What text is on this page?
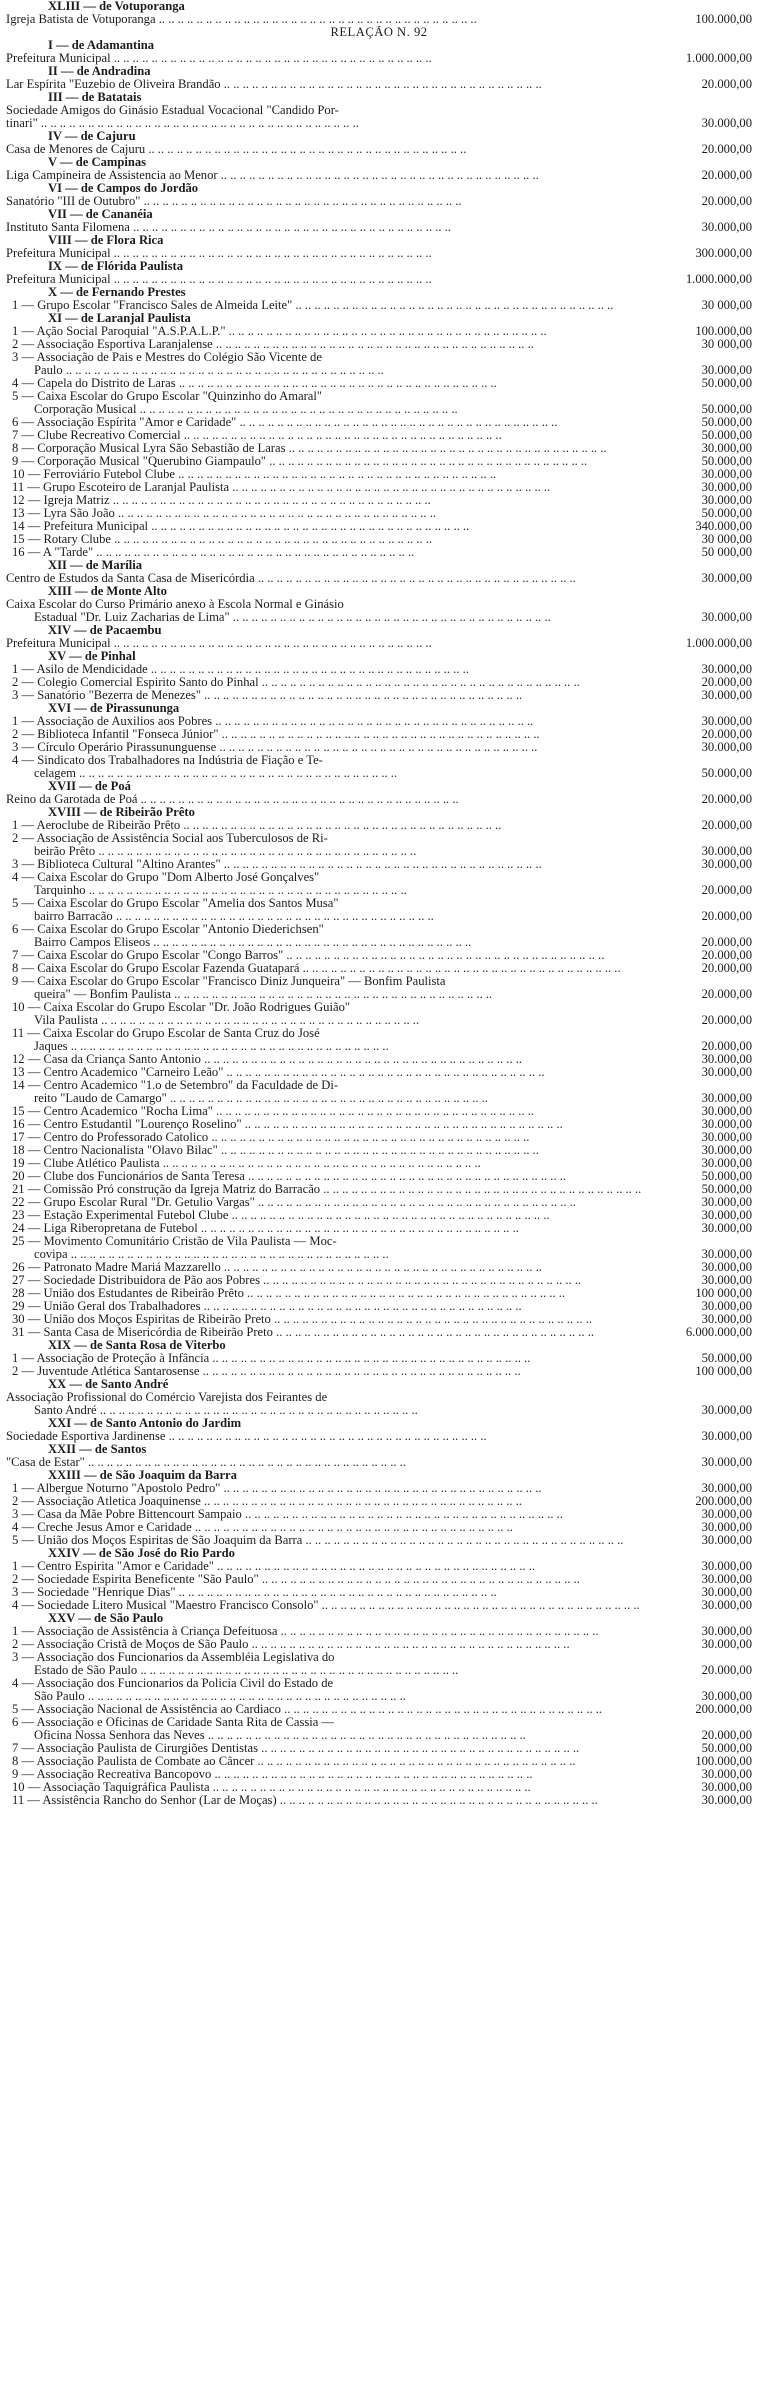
XLIII — de Votuporanga
Igreja Batista de Votuporanga .. ..	100.000,00
RELAÇÃO N. 92
I — de Adamantina
Prefeitura Municipal .. ..	1.000.000,00
II — de Andradina
Lar Espírita "Euzebio de Oliveira Brandão .. ..	20.000,00
III — de Batatais
Sociedade Amigos do Ginásio Estadual Vocacional "Candido Por-
tinari" .. ..	30.000,00
IV — de Cajuru
Casa de Menores de Cajuru .. ..	20.000,00
V — de Campinas
Liga Campineira de Assistencia ao Menor .. ..	20.000,00
VI — de Campos do Jordão
Sanatório "III de Outubro" .. ..	20.000,00
VII — de Cananéia
Instituto Santa Filomena .. ..	30.000,00
VIII — de Flora Rica
Prefeitura Municipal .. ..	300.000,00
IX — de Flórida Paulista
Prefeitura Municipal .. ..	1.000.000,00
X — de Fernando Prestes
1 — Grupo Escolar "Francisco Sales de Almeida Leite" .. ..	30 000,00
XI — de Laranjal Paulista
1 — Ação Social Paroquial "A.S.P.A.L.P." .. ..	100.000,00
2 — Associação Esportiva Laranjalense .. ..	30 000,00
3 — Associação de Pais e Mestres do Colégio São Vicente de
Paulo .. ..	30.000,00
4 — Capela do Distrito de Laras .. ..	50.000,00
5 — Caixa Escolar do Grupo Escolar "Quinzinho do Amaral"
Corporação Musical .. ..	50.000,00
6 — Associação Espírita "Amor e Caridade" .. ..	50.000,00
7 — Clube Recreativo Comercial .. ..	50.000,00
8 — Corporação Musical Lyra São Sebastião de Laras .. ..	30.000,00
9 — Corporação Musical "Querubino Giampaulo" .. ..	50.000,00
10 — Ferroviário Futebol Clube .. ..	30.000,00
11 — Grupo Escoteiro de Laranjal Paulista .. ..	30.000,00
12 — Igreja Matriz .. ..	30.000,00
13 — Lyra São João .. ..	50.000,00
14 — Prefeitura Municipal .. ..	340.000,00
15 — Rotary Clube .. ..	30 000,00
16 — A "Tarde" .. ..	50 000,00
XII — de Marília
Centro de Estudos da Santa Casa de Misericórdia .. ..	30.000,00
XIII — de Monte Alto
Caixa Escolar do Curso Primário anexo à Escola Normal e Ginásio
Estadual "Dr. Luiz Zacharias de Lima" .. ..	30.000,00
XIV — de Pacaembu
Prefeitura Municipal .. ..	1.000.000,00
XV — de Pinhal
1 — Asilo de Mendicidade .. ..	30.000,00
2 — Colegio Comercial Espirito Santo do Pinhal .. ..	20.000,00
3 — Sanatório "Bezerra de Menezes" .. ..	30.000,00
XVI — de Pirassununga
1 — Associação de Auxilios aos Pobres .. ..	30.000,00
2 — Biblioteca Infantil "Fonseca Júnior" .. ..	20.000,00
3 — Círculo Operário Pirassununguense .. ..	30.000,00
4 — Sindicato dos Trabalhadores na Indústria de Fiação e Te-
celagem .. ..	50.000,00
XVII — de Poá
Reino da Garotada de Poá .. ..	20.000,00
XVIII — de Ribeirão Prêto
1 — Aeroclube de Ribeirão Prêto .. ..	20.000,00
2 — Associação de Assistência Social aos Tuberculosos de Ri-
beirão Prêto .. ..	30.000,00
3 — Biblioteca Cultural "Altino Arantes" .. ..	30.000,00
4 — Caixa Escolar do Grupo "Dom Alberto José Gonçalves"
Tarquinho .. ..	20.000,00
5 — Caixa Escolar do Grupo Escolar "Amelia dos Santos Musa"
bairro Barracão .. ..	20.000,00
6 — Caixa Escolar do Grupo Escolar "Antonio Diederichsen"
Bairro Campos Eliseos .. ..	20.000,00
7 — Caixa Escolar do Grupo Escolar "Congo Barros" .. ..	20.000,00
8 — Caixa Escolar do Grupo Escolar Fazenda Guatapará .. ..	20.000,00
9 — Caixa Escolar do Grupo Escolar "Francisco Diniz Junqueira" — Bonfim Paulista
queira" — Bonfim Paulista .. ..	20.000,00
10 — Caixa Escolar do Grupo Escolar "Dr. João Rodrigues Guião"
Vila Paulista .. ..	20.000,00
11 — Caixa Escolar do Grupo Escolar de Santa Cruz do José
Jaques .. ..	20.000,00
12 — Casa da Criança Santo Antonio .. ..	30.000,00
13 — Centro Academico "Carneiro Leão" .. ..	30.000,00
14 — Centro Academico "1.o de Setembro" da Faculdade de Di-
reito "Laudo de Camargo" .. ..	30.000,00
15 — Centro Academico "Rocha Lima" .. ..	30.000,00
16 — Centro Estudantil "Lourenço Roselino" .. ..	30.000,00
17 — Centro do Professorado Catolico .. ..	30.000,00
18 — Centro Nacionalista "Olavo Bilac" .. ..	30.000,00
19 — Clube Atlético Paulista .. ..	30.000,00
20 — Clube dos Funcionários de Santa Teresa .. ..	50.000,00
21 — Comissão Pró construção da Igreja Matriz do Barracão .. ..	50.000,00
22 — Grupo Escolar Rural "Dr. Getulio Vargas" .. ..	30.000,00
23 — Estação Experimental Futebol Clube .. ..	30.000,00
24 — Liga Riberopretana de Futebol .. ..	30.000,00
25 — Movimento Comunitário Cristão de Vila Paulista — Moc-
covipa .. ..	30.000,00
26 — Patronato Madre Mariá Mazzarello .. ..	30.000,00
27 — Sociedade Distribuidora de Pão aos Pobres .. ..	30.000,00
28 — União dos Estudantes de Ribeirão Prêto .. ..	100 000,00
29 — União Geral dos Trabalhadores .. ..	30.000,00
30 — União dos Moços Espiritas de Ribeirão Preto .. ..	30.000,00
31 — Santa Casa de Misericórdia de Ribeirão Preto .. ..	6.000.000,00
XIX — de Santa Rosa de Viterbo
1 — Associação de Proteção à Infância .. ..	50.000,00
2 — Juventude Atlética Santarosense .. ..	100 000,00
XX — de Santo André
Associação Profissional do Comércio Varejista dos Feirantes de
Santo André .. ..	30.000,00
XXI — de Santo Antonio do Jardim
Sociedade Esportiva Jardinense .. ..	30.000,00
XXII — de Santos
"Casa de Estar" .. ..	30.000,00
XXIII — de São Joaquim da Barra
1 — Albergue Noturno "Apostolo Pedro" .. ..	30.000,00
2 — Associação Atletica Joaquinense .. ..	200.000,00
3 — Casa da Mãe Pobre Bittencourt Sampaio .. ..	30.000,00
4 — Creche Jesus Amor e Caridade .. ..	30.000,00
5 — União dos Moços Espiritas de São Joaquim da Barra .. ..	30.000,00
XXIV — de São José do Rio Pardo
1 — Centro Espirita "Amor e Caridade" .. ..	30.000,00
2 — Sociedade Espirita Beneficente "São Paulo" .. ..	30.000,00
3 — Sociedade "Henrique Dias" .. ..	30.000,00
4 — Sociedade Litero Musical "Maestro Francisco Consolo" .. ..	30.000,00
XXV — de São Paulo
1 — Associação de Assistência à Criança Defeituosa .. ..	30.000,00
2 — Associação Cristã de Moços de São Paulo .. ..	30.000,00
3 — Associação dos Funcionarios da Assembléia Legislativa do
Estado de São Paulo .. ..	20.000,00
4 — Associação dos Funcionarios da Policia Civil do Estado de
São Paulo .. ..	30.000,00
5 — Associação Nacional de Assistência ao Cardiaco .. ..	200.000,00
6 — Associação e Oficinas de Caridade Santa Rita de Cassia —
Oficina Nossa Senhora das Neves .. ..	20.000,00
7 — Associação Paulista de Cirurgiões Dentistas .. ..	50.000,00
8 — Associação Paulista de Combate ao Câncer .. ..	100.000,00
9 — Associação Recreativa Bancopovo .. ..	30.000,00
10 — Associação Taquigráfica Paulista .. ..	30.000,00
11 — Assistência Rancho do Senhor (Lar de Moças) .. ..	30.000,00
